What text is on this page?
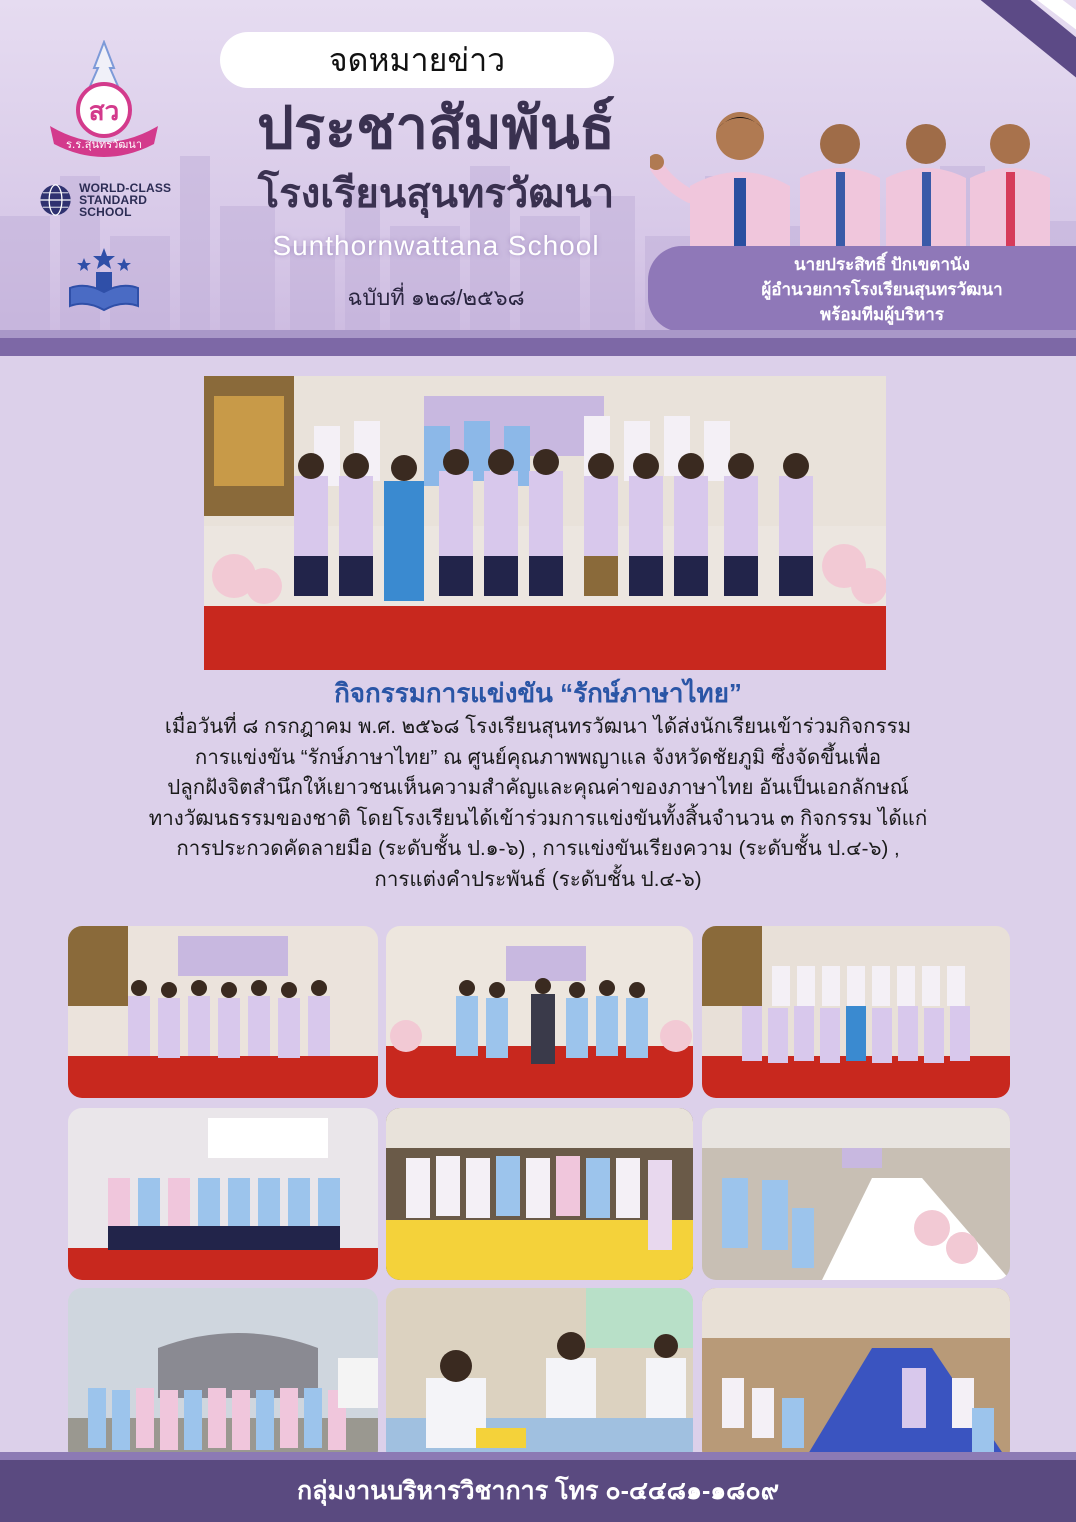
สว
ร.ร.สุนทรวัฒนา
WORLD-CLASS
STANDARD SCHOOL
จดหมายข่าว
ประชาสัมพันธ์
โรงเรียนสุนทรวัฒนา
Sunthornwattana School
ฉบับที่ ๑๒๘/๒๕๖๘
นายประสิทธิ์ ปักเขตานัง
ผู้อำนวยการโรงเรียนสุนทรวัฒนา
พร้อมทีมผู้บริหาร
กิจกรรมการแข่งขัน “รักษ์ภาษาไทย”

เมื่อวันที่ ๘ กรกฎาคม พ.ศ. ๒๕๖๘ โรงเรียนสุนทรวัฒนา ได้ส่งนักเรียนเข้าร่วมกิจกรรม

การแข่งขัน “รักษ์ภาษาไทย” ณ ศูนย์คุณภาพพญาแล จังหวัดชัยภูมิ ซึ่งจัดขึ้นเพื่อ

ปลูกฝังจิตสำนึกให้เยาวชนเห็นความสำคัญและคุณค่าของภาษาไทย อันเป็นเอกลักษณ์

ทางวัฒนธรรมของชาติ โดยโรงเรียนได้เข้าร่วมการแข่งขันทั้งสิ้นจำนวน ๓ กิจกรรม ได้แก่

การประกวดคัดลายมือ (ระดับชั้น ป.๑-๖) , การแข่งขันเรียงความ (ระดับชั้น ป.๔-๖) ,

การแต่งคำประพันธ์ (ระดับชั้น ป.๔-๖)

กลุ่มงานบริหารวิชาการ โทร ๐-๔๔๘๑-๑๘๐๙
